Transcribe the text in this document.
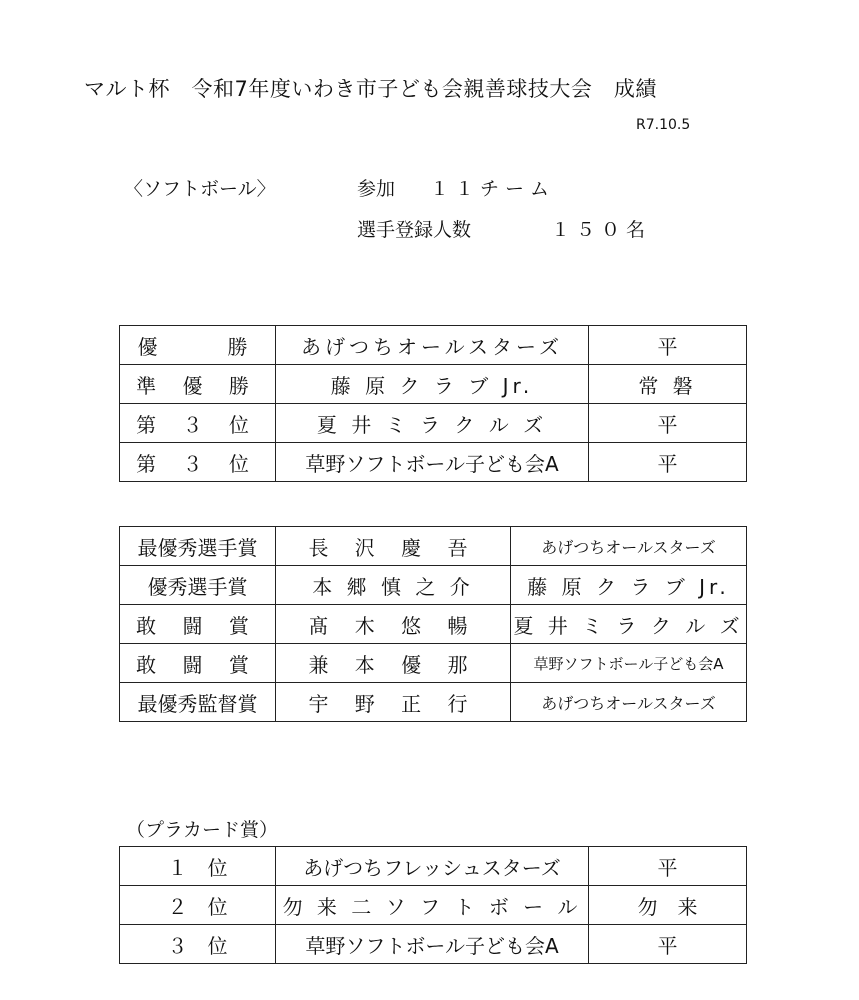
マルト杯　令和7年度いわき市子ども会親善球技大会　成績
R7.10.5
〈ソフトボール〉	参加 １１チーム
選手登録人数	１５０名
優　　勝	あげつちオールスターズ	平
準 優 勝	藤 原 ク ラ ブ Jr.	常 磐
第 ３ 位	夏 井 ミ ラ ク ル ズ	平
第 ３ 位	草野ソフトボール子ども会A	平
最優秀選手賞	長 沢 慶 吾	あげつちオールスターズ
優秀選手賞	本 郷 慎 之 介	藤 原 ク ラ ブ Jr.
敢 闘 賞	髙 木 悠 暢	夏 井 ミ ラ ク ル ズ
敢 闘 賞	兼 本 優 那	草野ソフトボール子ども会A
最優秀監督賞	宇 野 正 行	あげつちオールスターズ
（プラカード賞）
１　位	あげつちフレッシュスターズ	平
２　位	勿 来 二 ソ フ ト ボ ー ル	勿　来
３　位	草野ソフトボール子ども会A	平
